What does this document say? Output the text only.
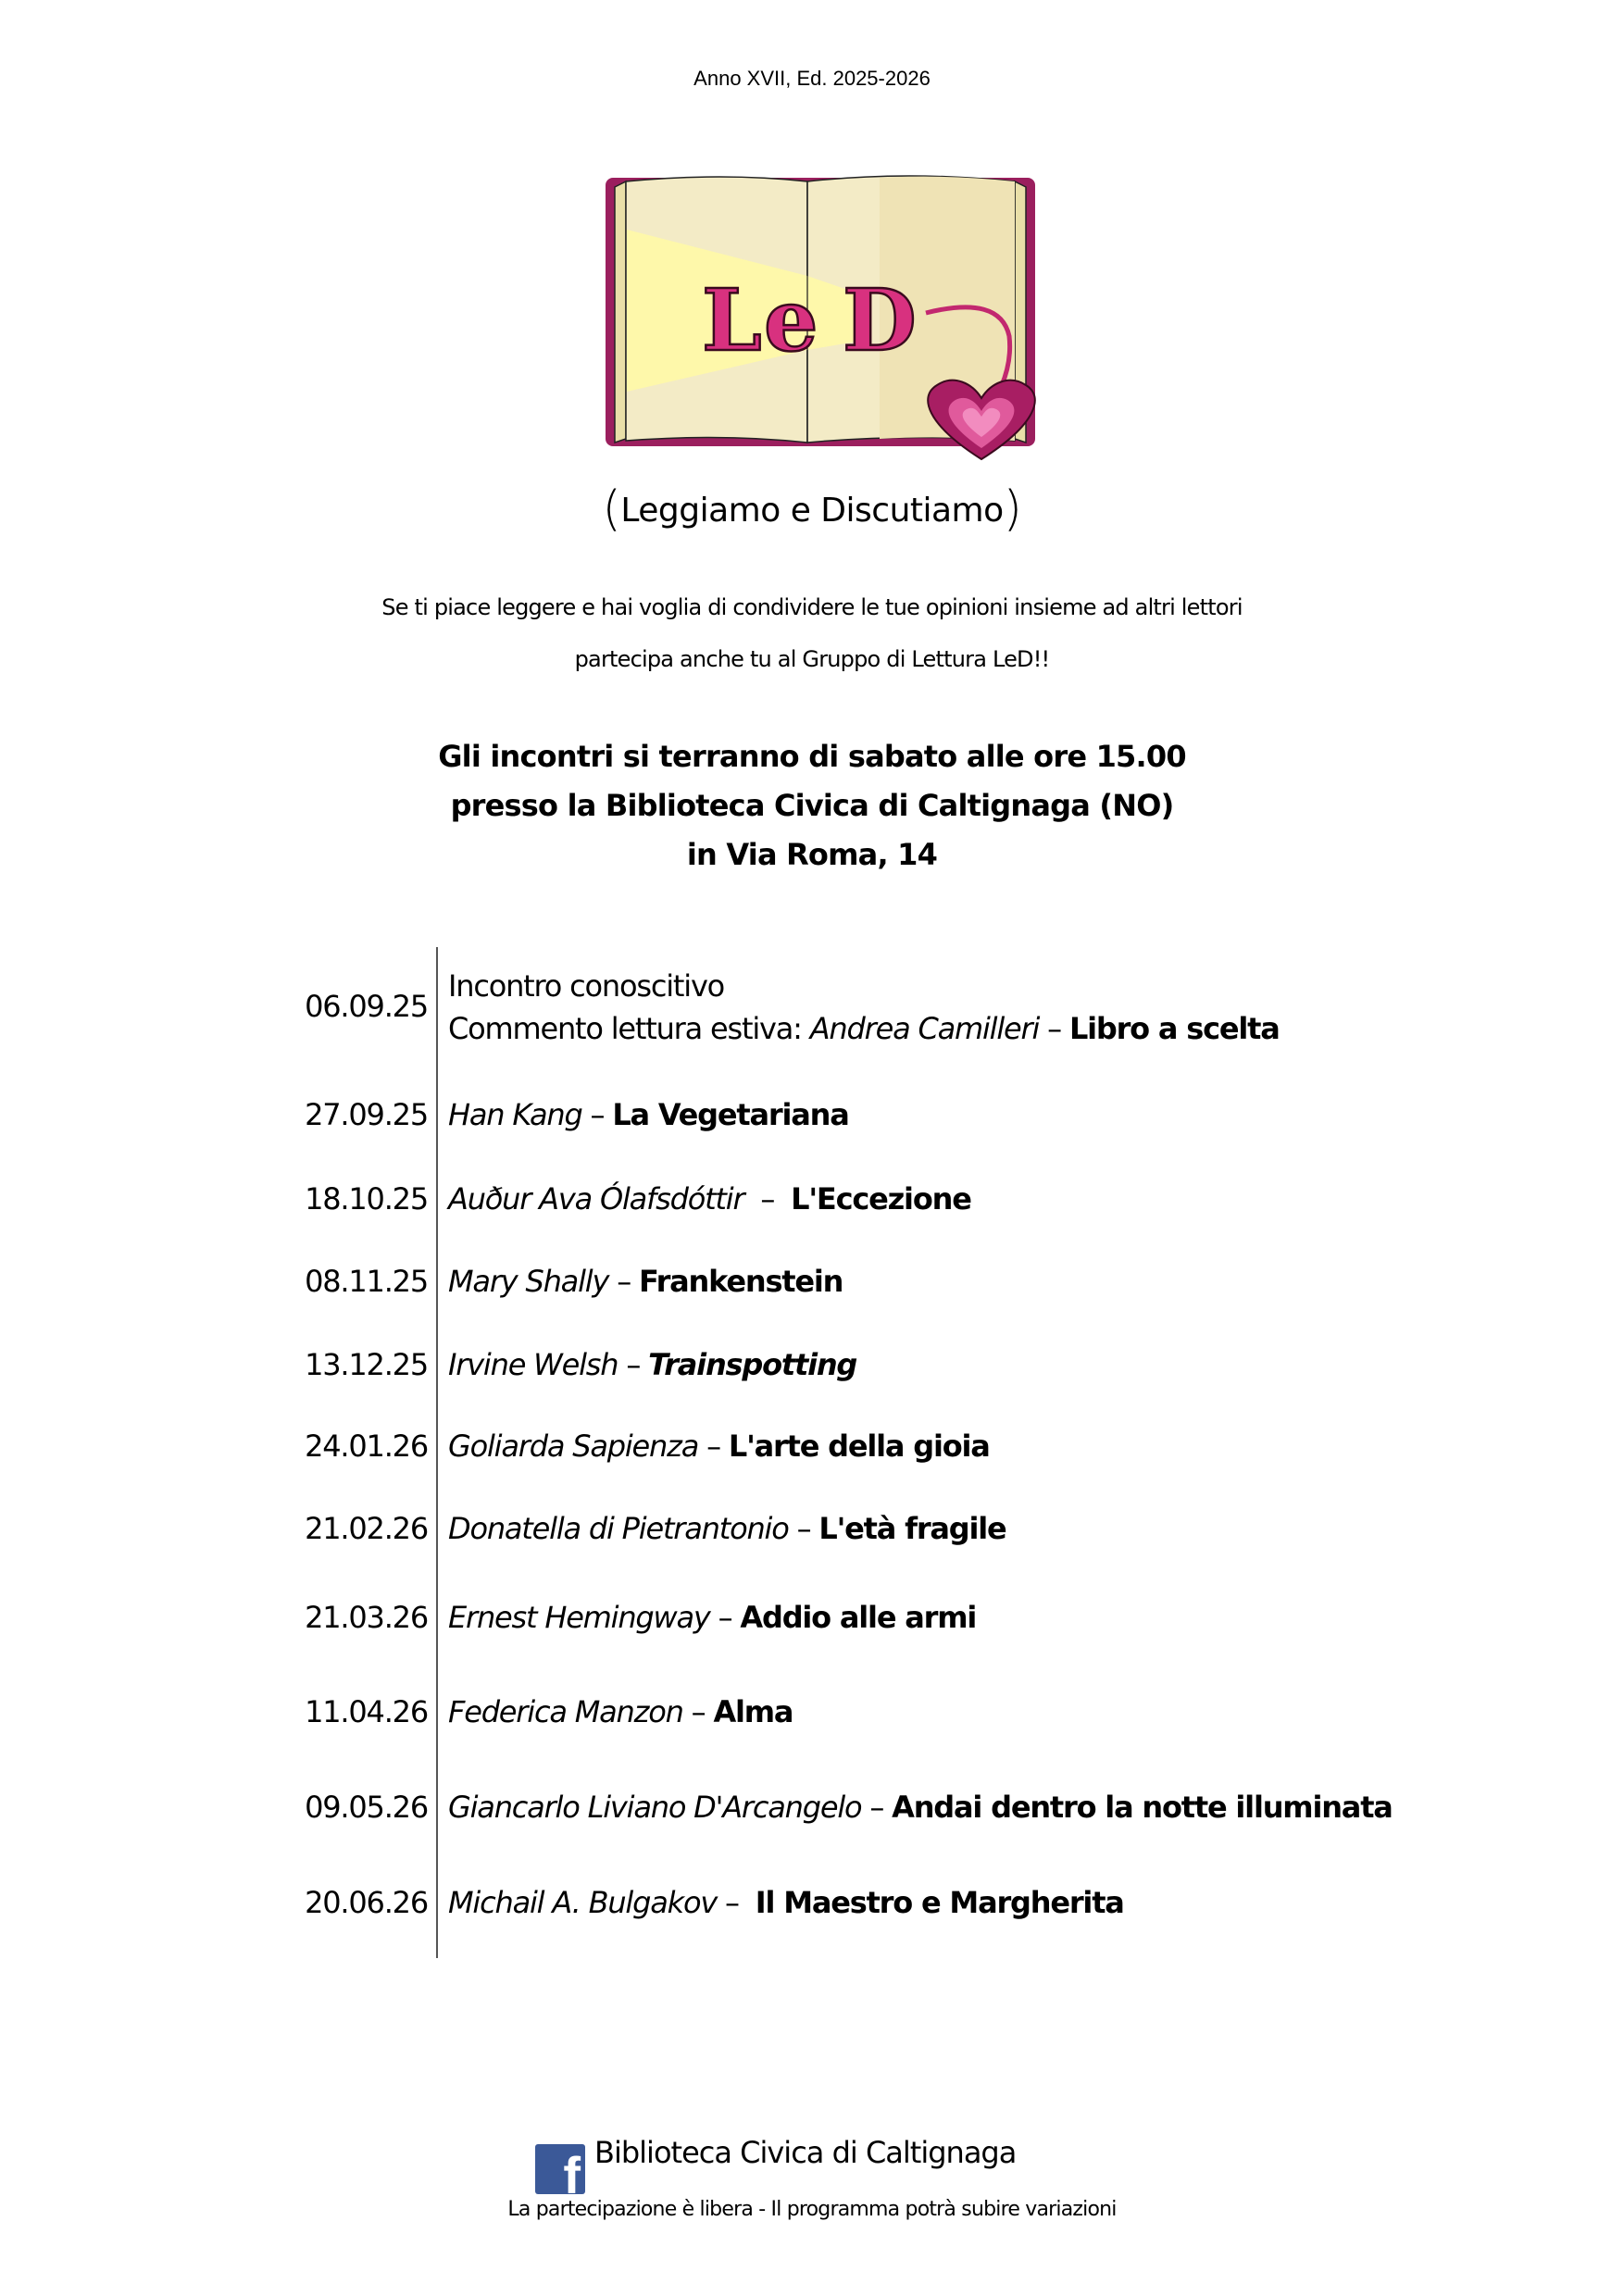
Anno XVII, Ed. 2025-2026
L e D
(Leggiamo e Discutiamo)
Se ti piace leggere e hai voglia di condividere le tue opinioni insieme ad altri lettori
partecipa anche tu al Gruppo di Lettura LeD!!
Gli incontri si terranno di sabato alle ore 15.00
presso la Biblioteca Civica di Caltignaga (NO)
in Via Roma, 14
06.09.25
Incontro conoscitivo
Commento lettura estiva: Andrea Camilleri – Libro a scelta
27.09.25 Han Kang – La Vegetariana
18.10.25 Auður Ava Ólafsdóttir  –  L'Eccezione
08.11.25 Mary Shally – Frankenstein
13.12.25 Irvine Welsh – Trainspotting
24.01.26 Goliarda Sapienza – L'arte della gioia
21.02.26 Donatella di Pietrantonio – L'età fragile
21.03.26 Ernest Hemingway – Addio alle armi
11.04.26 Federica Manzon – Alma
09.05.26 Giancarlo Liviano D'Arcangelo – Andai dentro la notte illuminata
20.06.26 Michail A. Bulgakov –  Il Maestro e Margherita
f Biblioteca Civica di Caltignaga
La partecipazione è libera - Il programma potrà subire variazioni
